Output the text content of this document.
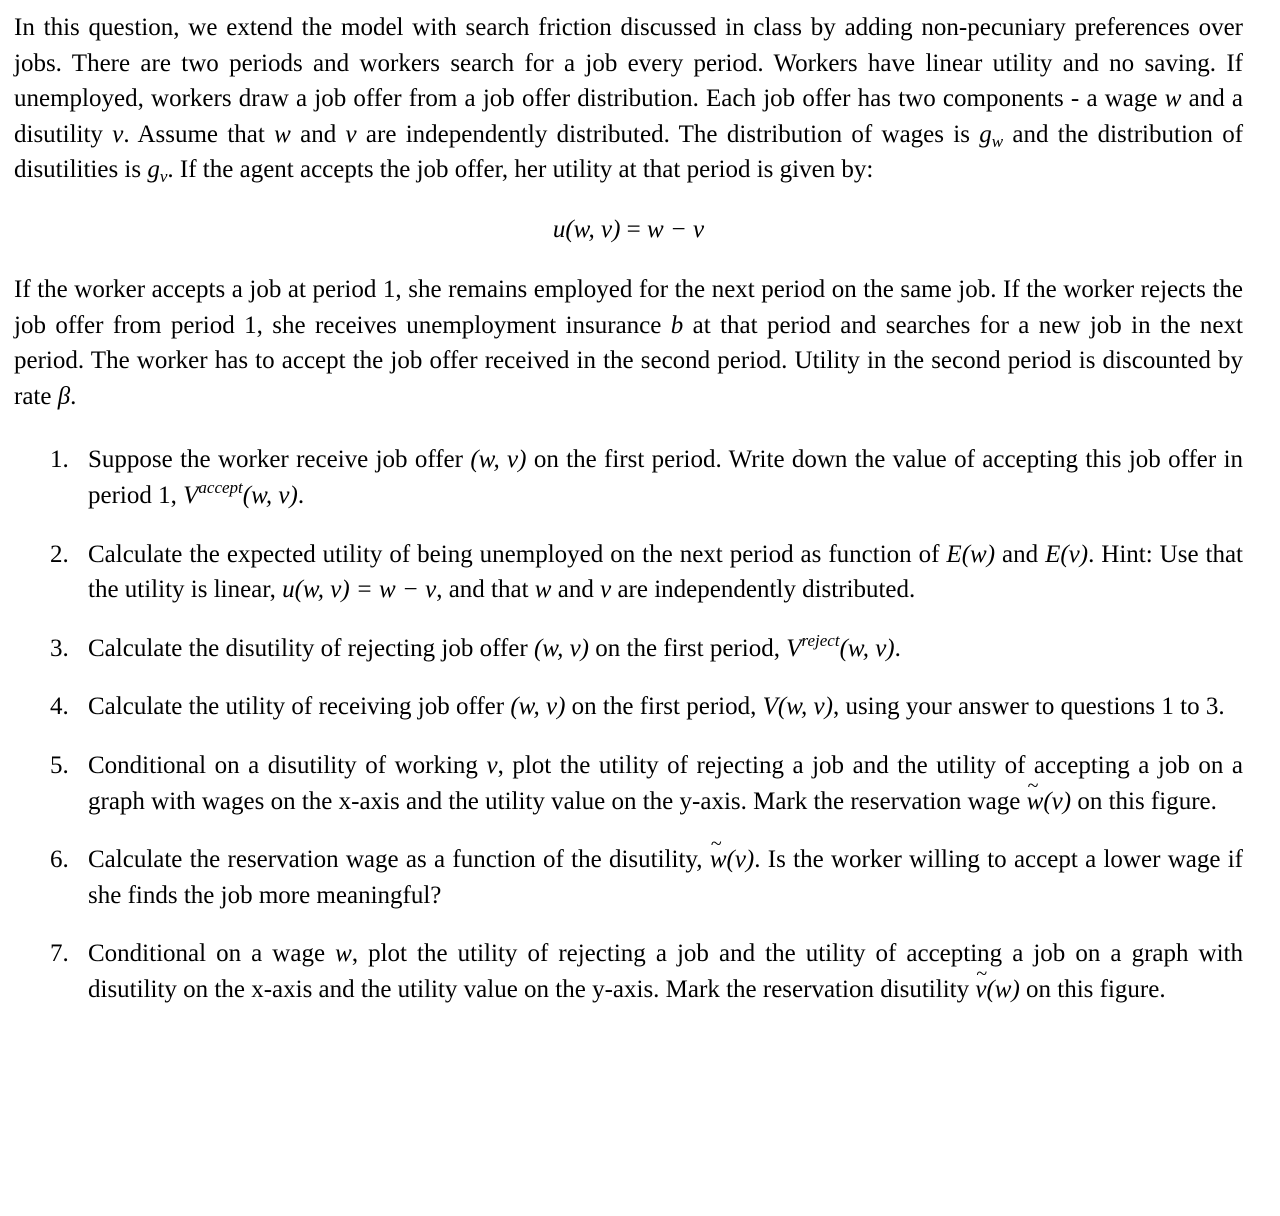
In this question, we extend the model with search friction discussed in class by adding non-pecuniary preferences over jobs. There are two periods and workers search for a job every period. Workers have linear utility and no saving. If unemployed, workers draw a job offer from a job offer distribution. Each job offer has two components - a wage w and a disutility v. Assume that w and v are independently distributed. The distribution of wages is $g_w$ and the distribution of disutilities is $g_v$. If the agent accepts the job offer, her utility at that period is given by:

u(w, v) = w − v

If the worker accepts a job at period 1, she remains employed for the next period on the same job. If the worker rejects the job offer from period 1, she receives unemployment insurance b at that period and searches for a new job in the next period. The worker has to accept the job offer received in the second period. Utility in the second period is discounted by rate β.

1. Suppose the worker receive job offer (w, v) on the first period. Write down the value of accepting this job offer in period 1, $V^{accept}(w$, v).
2. Calculate the expected utility of being unemployed on the next period as function of E(w) and E(v). Hint: Use that the utility is linear, u(w, v) = w − v, and that w and v are independently distributed.
3. Calculate the disutility of rejecting job offer (w, v) on the first period, $V^{reject}(w$, v).
4. Calculate the utility of receiving job offer (w, v) on the first period, V(w, v), using your answer to questions 1 to 3.
5. Conditional on a disutility of working v, plot the utility of rejecting a job and the utility of accepting a job on a graph with wages on the x-axis and the utility value on the y-axis. Mark the reservation wage ~ w(v) on this figure.
6. Calculate the reservation wage as a function of the disutility, ~ w(v). Is the worker willing to accept a lower wage if she finds the job more meaningful?
7. Conditional on a wage w, plot the utility of rejecting a job and the utility of accepting a job on a graph with disutility on the x-axis and the utility value on the y-axis. Mark the reservation disutility ~ v(w) on this figure.
